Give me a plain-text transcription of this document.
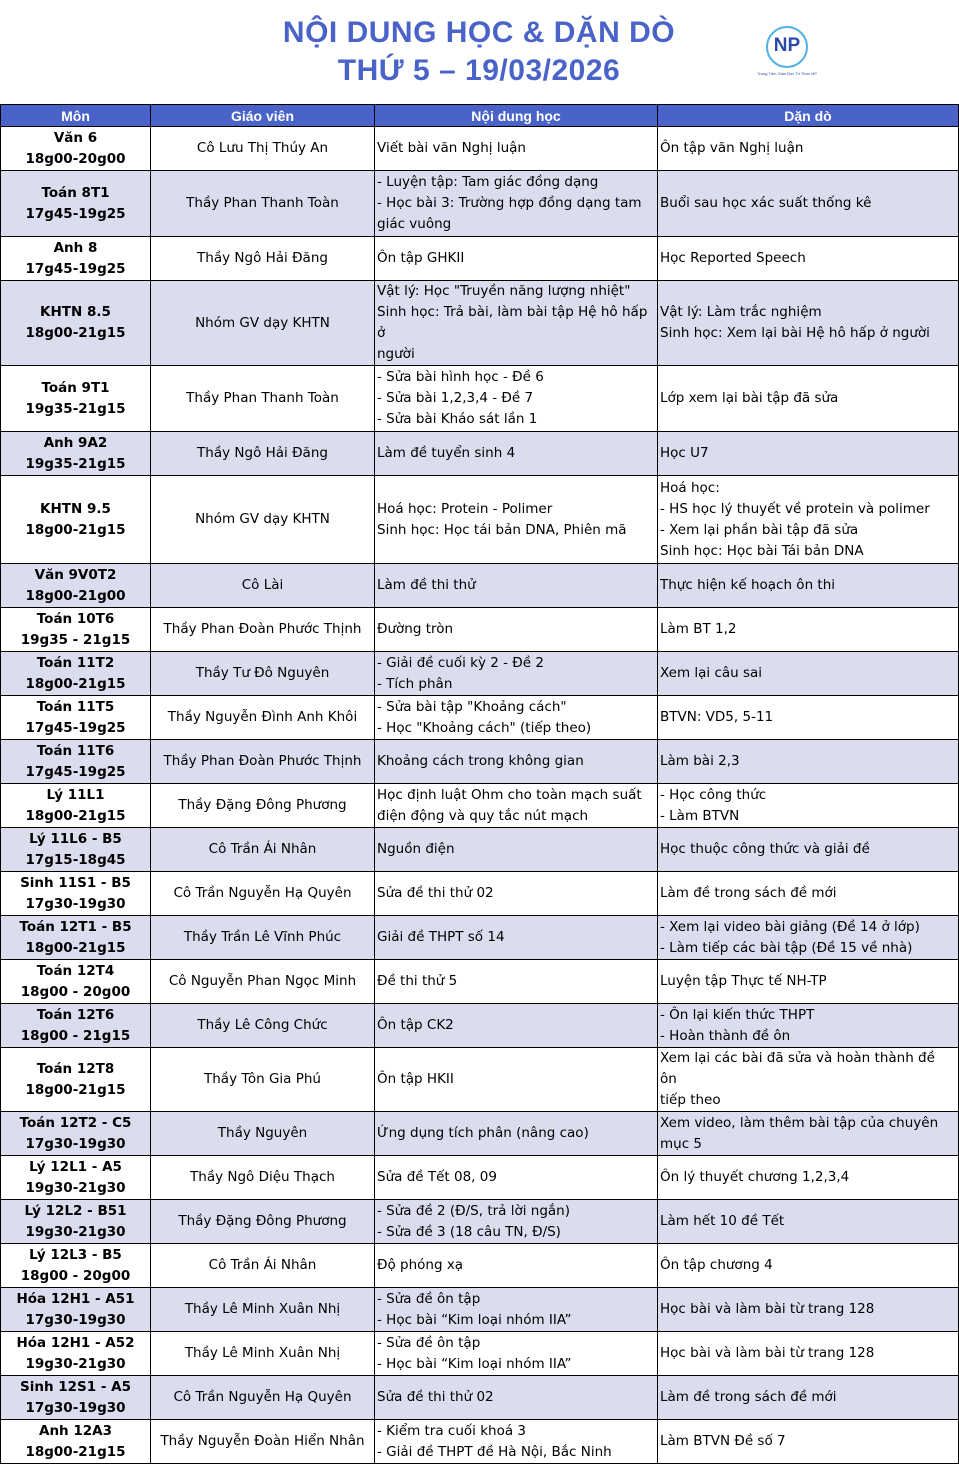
NỘI DUNG HỌC & DẶN DÒ
THỨ 5 – 19/03/2026
NP
Trung Tâm Giáo Dục Tri Thức NP
Môn	Giáo viên	Nội dung học	Dặn dò

Văn 6
18g00-20g00	Cô Lưu Thị Thúy An	Viết bài văn Nghị luận	Ôn tập văn Nghị luận

Toán 8T1
17g45-19g25	Thầy Phan Thanh Toàn	- Luyện tập: Tam giác đồng dạng
- Học bài 3: Trường hợp đồng dạng tam
giác vuông	Buổi sau học xác suất thống kê

Anh 8
17g45-19g25	Thầy Ngô Hải Đăng	Ôn tập GHKII	Học Reported Speech

KHTN 8.5
18g00-21g15	Nhóm GV dạy KHTN	Vật lý: Học "Truyền năng lượng nhiệt"
Sinh học: Trả bài, làm bài tập Hệ hô hấp ở
người	Vật lý: Làm trắc nghiệm
Sinh học: Xem lại bài Hệ hô hấp ở người

Toán 9T1
19g35-21g15	Thầy Phan Thanh Toàn	- Sửa bài hình học - Đề 6
- Sửa bài 1,2,3,4 - Đề 7
- Sửa bài Kháo sát lần 1	Lớp xem lại bài tập đã sửa

Anh 9A2
19g35-21g15	Thầy Ngô Hải Đăng	Làm đề tuyển sinh 4	Học U7

KHTN 9.5
18g00-21g15	Nhóm GV dạy KHTN	Hoá học: Protein - Polimer
Sinh học: Học tái bản DNA, Phiên mã	Hoá học:
- HS học lý thuyết về protein và polimer
- Xem lại phần bài tập đã sửa
Sinh học: Học bài Tái bản DNA

Văn 9V0T2
18g00-21g00	Cô Lài	Làm đề thi thử	Thực hiện kế hoạch ôn thi

Toán 10T6
19g35 - 21g15	Thầy Phan Đoàn Phước Thịnh	Đường tròn	Làm BT 1,2

Toán 11T2
18g00-21g15	Thầy Tư Đô Nguyên	- Giải đề cuối kỳ 2 - Đề 2
- Tích phân	Xem lại câu sai

Toán 11T5
17g45-19g25	Thầy Nguyễn Đình Anh Khôi	- Sửa bài tập "Khoảng cách"
- Học "Khoảng cách" (tiếp theo)	BTVN: VD5, 5-11

Toán 11T6
17g45-19g25	Thầy Phan Đoàn Phước Thịnh	Khoảng cách trong không gian	Làm bài 2,3

Lý 11L1
18g00-21g15	Thầy Đặng Đông Phương	Học định luật Ohm cho toàn mạch suất
điện động và quy tắc nút mạch	- Học công thức
- Làm BTVN

Lý 11L6 - B5
17g15-18g45	Cô Trần Ái Nhân	Nguồn điện	Học thuộc công thức và giải đề

Sinh 11S1 - B5
17g30-19g30	Cô Trần Nguyễn Hạ Quyên	Sửa đề thi thử 02	Làm đề trong sách đề mới

Toán 12T1 - B5
18g00-21g15	Thầy Trần Lê Vĩnh Phúc	Giải đề THPT số 14	- Xem lại video bài giảng (Đề 14 ở lớp)
- Làm tiếp các bài tập (Đề 15 về nhà)

Toán 12T4
18g00 - 20g00	Cô Nguyễn Phan Ngọc Minh	Đề thi thử 5	Luyện tập Thực tế NH-TP

Toán 12T6
18g00 - 21g15	Thầy Lê Công Chức	Ôn tập CK2	- Ôn lại kiến thức THPT
- Hoàn thành đề ôn

Toán 12T8
18g00-21g15	Thầy Tôn Gia Phú	Ôn tập HKII	Xem lại các bài đã sửa và hoàn thành đề ôn
tiếp theo

Toán 12T2 - C5
17g30-19g30	Thầy Nguyên	Ứng dụng tích phân (nâng cao)	Xem video, làm thêm bài tập của chuyên
mục 5

Lý 12L1 - A5
19g30-21g30	Thầy Ngô Diệu Thạch	Sửa đề Tết 08, 09	Ôn lý thuyết chương 1,2,3,4

Lý 12L2 - B51
19g30-21g30	Thầy Đặng Đông Phương	- Sửa đề 2 (Đ/S, trả lời ngắn)
- Sửa đề 3 (18 câu TN, Đ/S)	Làm hết 10 đề Tết

Lý 12L3 - B5
18g00 - 20g00	Cô Trần Ái Nhân	Độ phóng xạ	Ôn tập chương 4

Hóa 12H1 - A51
17g30-19g30	Thầy Lê Minh Xuân Nhị	- Sửa đề ôn tập
- Học bài “Kim loại nhóm IIA”	Học bài và làm bài từ trang 128

Hóa 12H1 - A52
19g30-21g30	Thầy Lê Minh Xuân Nhị	- Sửa đề ôn tập
- Học bài “Kim loại nhóm IIA”	Học bài và làm bài từ trang 128

Sinh 12S1 - A5
17g30-19g30	Cô Trần Nguyễn Hạ Quyên	Sửa đề thi thử 02	Làm đề trong sách đề mới

Anh 12A3
18g00-21g15	Thầy Nguyễn Đoàn Hiển Nhân	- Kiểm tra cuối khoá 3
- Giải đề THPT đề Hà Nội, Bắc Ninh	Làm BTVN Đề số 7
